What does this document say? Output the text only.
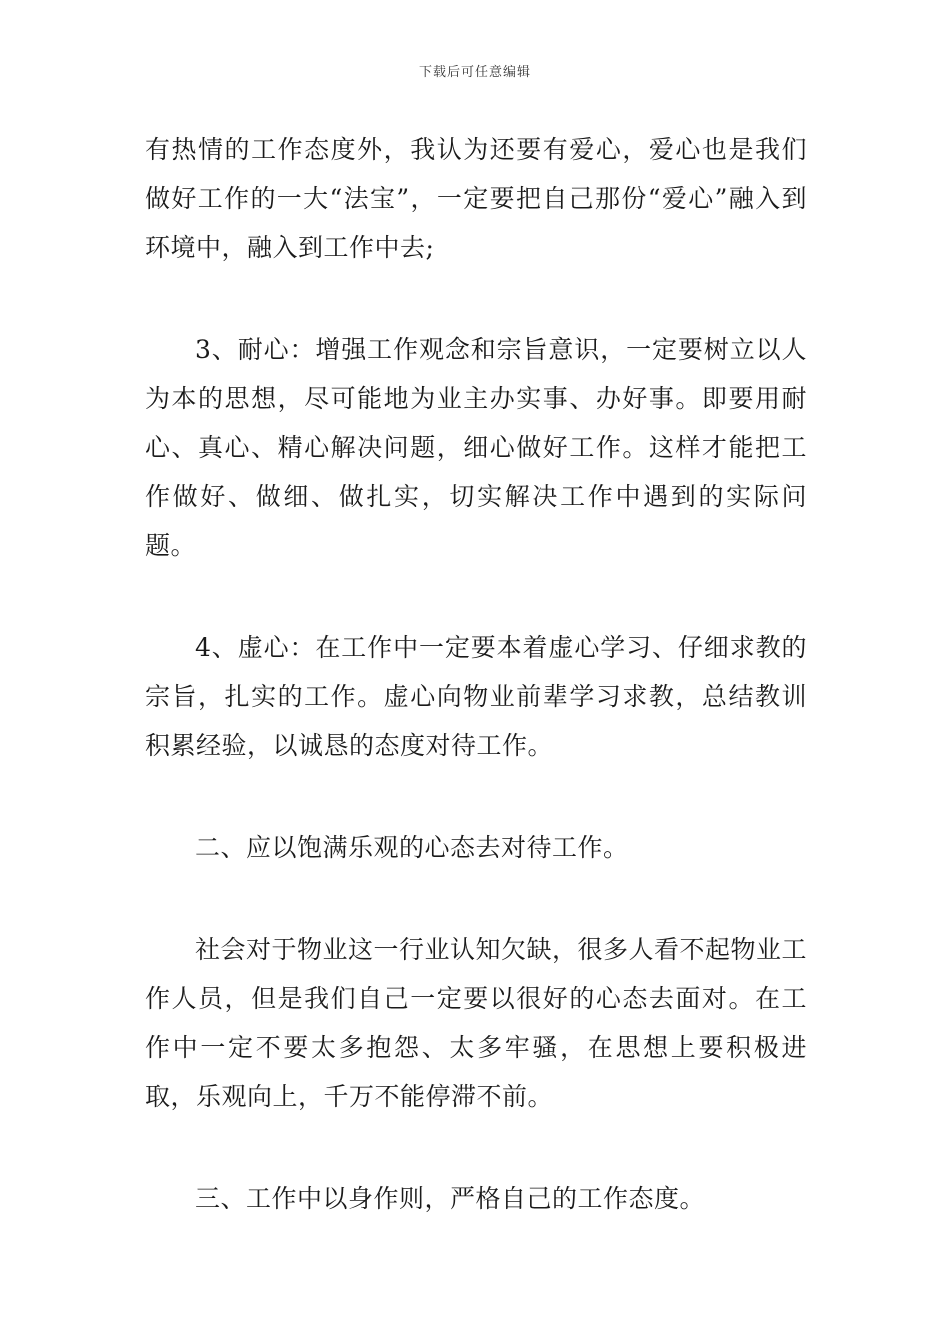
下载后可任意编辑

有热情的工作态度外，我认为还要有爱心，爱心也是我们做好工作的一大“法宝”，一定要把自己那份“爱心”融入到环境中，融入到工作中去;

3、耐心：增强工作观念和宗旨意识，一定要树立以人为本的思想，尽可能地为业主办实事、办好事。即要用耐心、真心、精心解决问题，细心做好工作。这样才能把工作做好、做细、做扎实，切实解决工作中遇到的实际问题。

4、虚心：在工作中一定要本着虚心学习、仔细求教的宗旨，扎实的工作。虚心向物业前辈学习求教，总结教训积累经验，以诚恳的态度对待工作。

二、应以饱满乐观的心态去对待工作。

社会对于物业这一行业认知欠缺，很多人看不起物业工作人员，但是我们自己一定要以很好的心态去面对。在工作中一定不要太多抱怨、太多牢骚，在思想上要积极进取，乐观向上，千万不能停滞不前。

三、工作中以身作则，严格自己的工作态度。
